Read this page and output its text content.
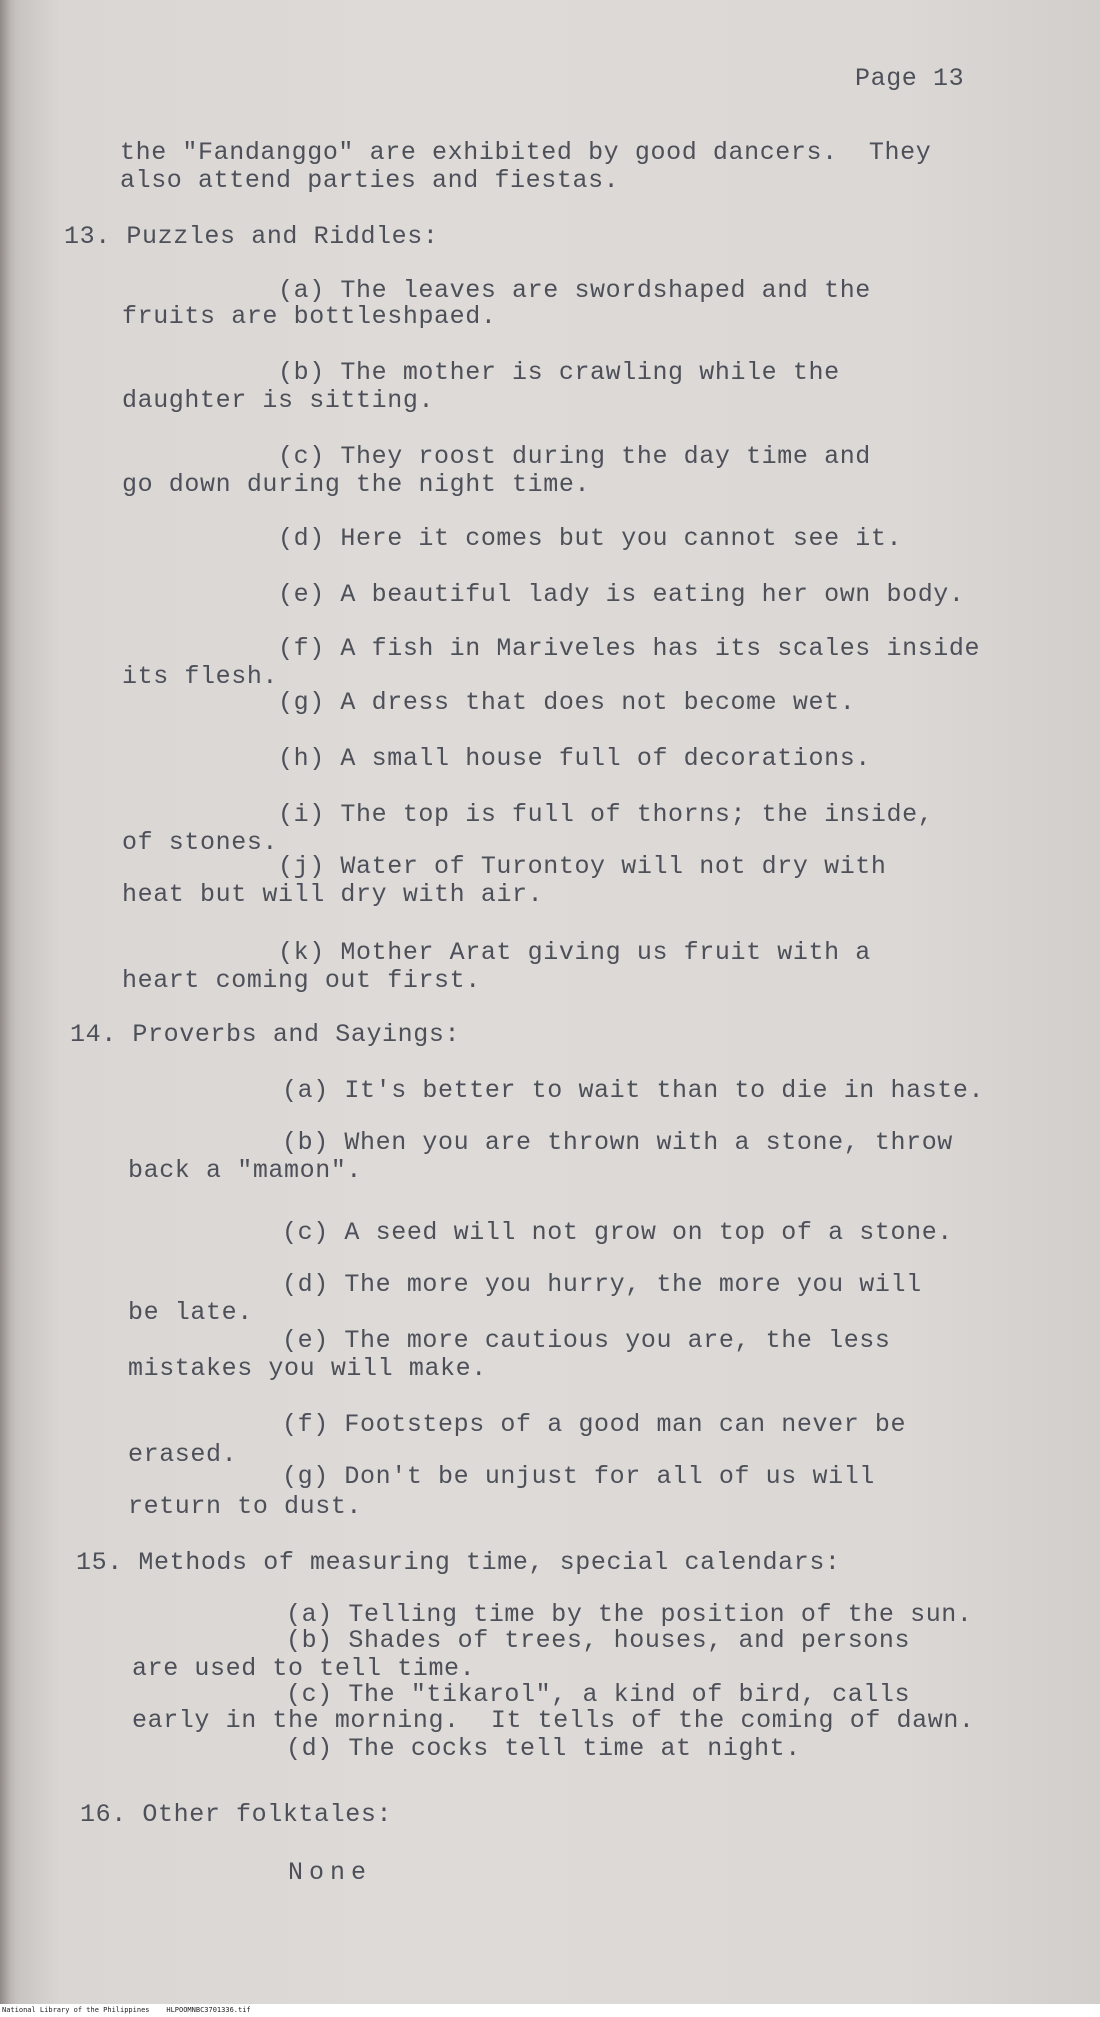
Page 13
the "Fandanggo" are exhibited by good dancers.  They
also attend parties and fiestas.
13. Puzzles and Riddles:
(a) The leaves are swordshaped and the
fruits are bottleshpaed.
(b) The mother is crawling while the
daughter is sitting.
(c) They roost during the day time and
go down during the night time.
(d) Here it comes but you cannot see it.
(e) A beautiful lady is eating her own body.
(f) A fish in Mariveles has its scales inside
its flesh.
(g) A dress that does not become wet.
(h) A small house full of decorations.
(i) The top is full of thorns; the inside,
of stones.
(j) Water of Turontoy will not dry with
heat but will dry with air.
(k) Mother Arat giving us fruit with a
heart coming out first.
14. Proverbs and Sayings:
(a) It's better to wait than to die in haste.
(b) When you are thrown with a stone, throw
back a "mamon".
(c) A seed will not grow on top of a stone.
(d) The more you hurry, the more you will
be late.
(e) The more cautious you are, the less
mistakes you will make.
(f) Footsteps of a good man can never be
erased.
(g) Don't be unjust for all of us will
return to dust.
15. Methods of measuring time, special calendars:
(a) Telling time by the position of the sun.
(b) Shades of trees, houses, and persons
are used to tell time.
(c) The "tikarol", a kind of bird, calls
early in the morning.  It tells of the coming of dawn.
(d) The cocks tell time at night.
16. Other folktales:
None
National Library of the Philippines    HLPOOMNBC3701336.tif
